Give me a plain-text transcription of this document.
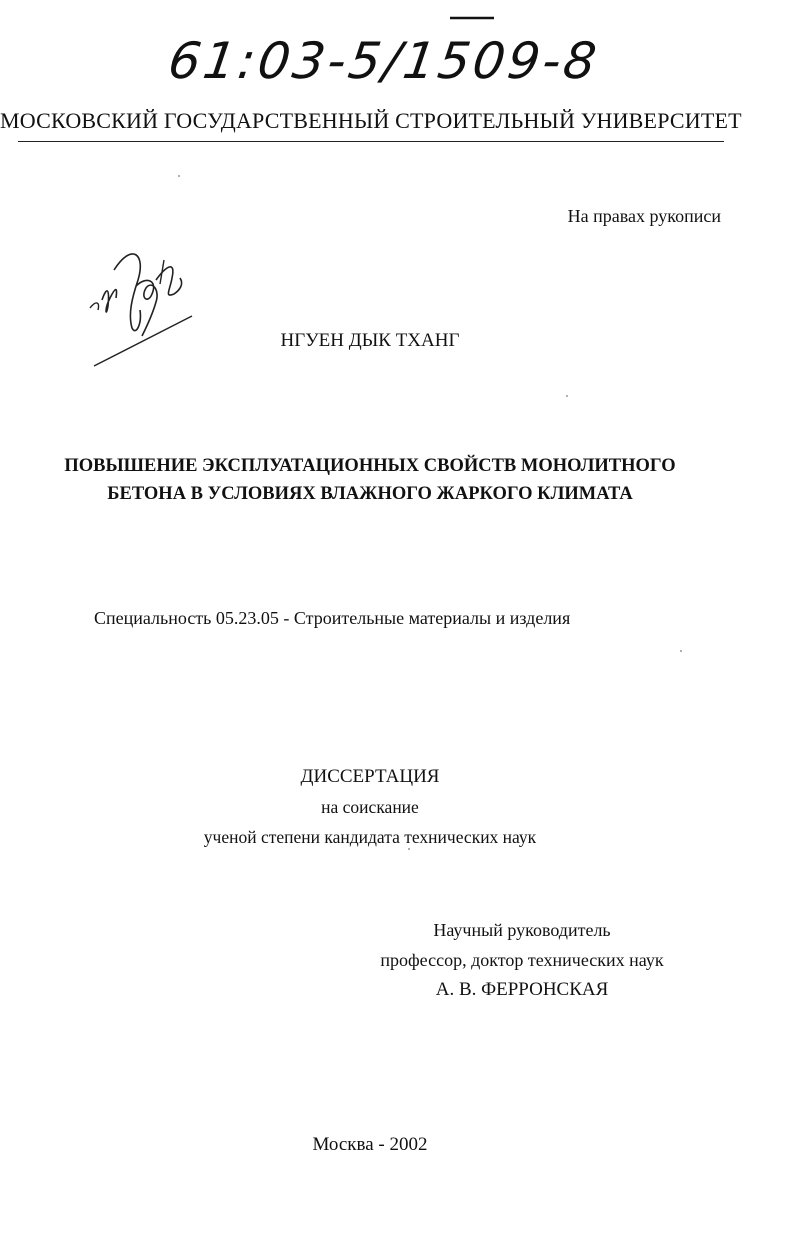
61:03-5/1509-8
МОСКОВСКИЙ ГОСУДАРСТВЕННЫЙ СТРОИТЕЛЬНЫЙ УНИВЕРСИТЕТ
На правах рукописи
НГУЕН ДЫК ТХАНГ
ПОВЫШЕНИЕ ЭКСПЛУАТАЦИОННЫХ СВОЙСТВ МОНОЛИТНОГО
БЕТОНА В УСЛОВИЯХ ВЛАЖНОГО ЖАРКОГО КЛИМАТА
Специальность 05.23.05 - Строительные материалы и изделия
ДИССЕРТАЦИЯ
на соискание
ученой степени кандидата технических наук
Научный руководитель
профессор, доктор технических наук
А. В. ФЕРРОНСКАЯ
Москва - 2002
